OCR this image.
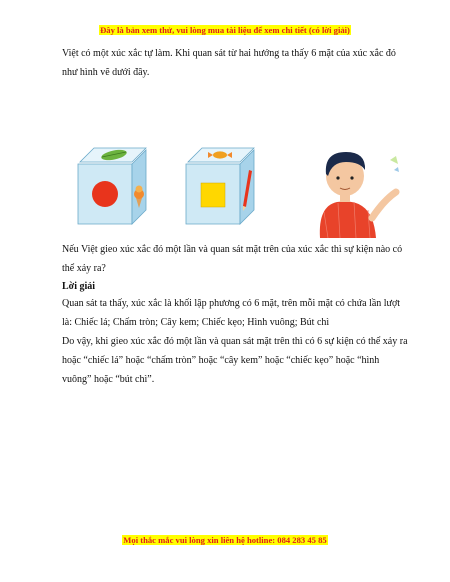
Đây là bản xem thử, vui lòng mua tài liệu để xem chi tiết (có lời giải)

Việt có một xúc xắc tự làm. Khi quan sát từ hai hướng ta thấy 6 mặt của xúc xắc đó như hình vẽ dưới đây.

Nếu Việt gieo xúc xắc đó một lần và quan sát mặt trên của xúc xắc thì sự kiện nào có thể xảy ra?

Lời giải

Quan sát ta thấy, xúc xắc là khối lập phương có 6 mặt, trên mỗi mặt có chứa lần lượt là: Chiếc lá; Chấm tròn; Cây kem; Chiếc kẹo; Hình vuông; Bút chì

Do vậy, khi gieo xúc xắc đó một lần và quan sát mặt trên thì có 6 sự kiện có thể xảy ra hoặc “chiếc lá” hoặc “chấm tròn” hoặc “cây kem” hoặc “chiếc kẹo” hoặc “hình vuông” hoặc “bút chì”.

Mọi thắc mắc vui lòng xin liên hệ hotline: 084 283 45 85
